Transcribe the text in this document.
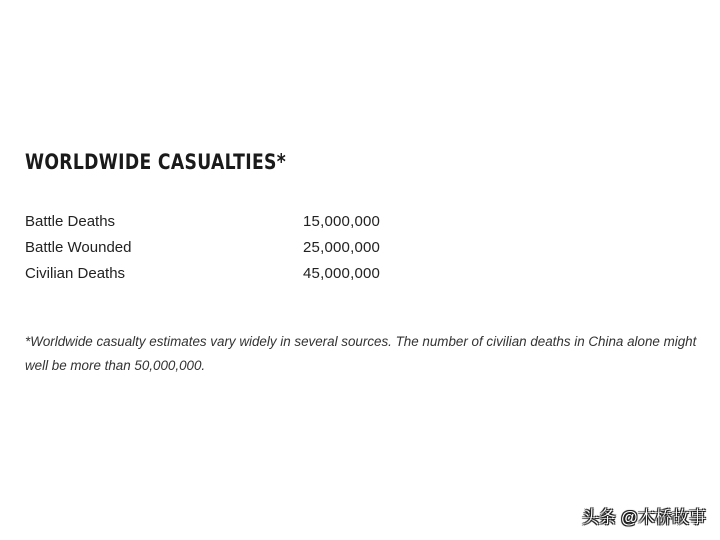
WORLDWIDE CASUALTIES*
Battle Deaths	15,000,000
Battle Wounded	25,000,000
Civilian Deaths	45,000,000

*Worldwide casualty estimates vary widely in several sources. The number of civilian deaths in China alone might well be more than 50,000,000.

头条 @木桥故事
